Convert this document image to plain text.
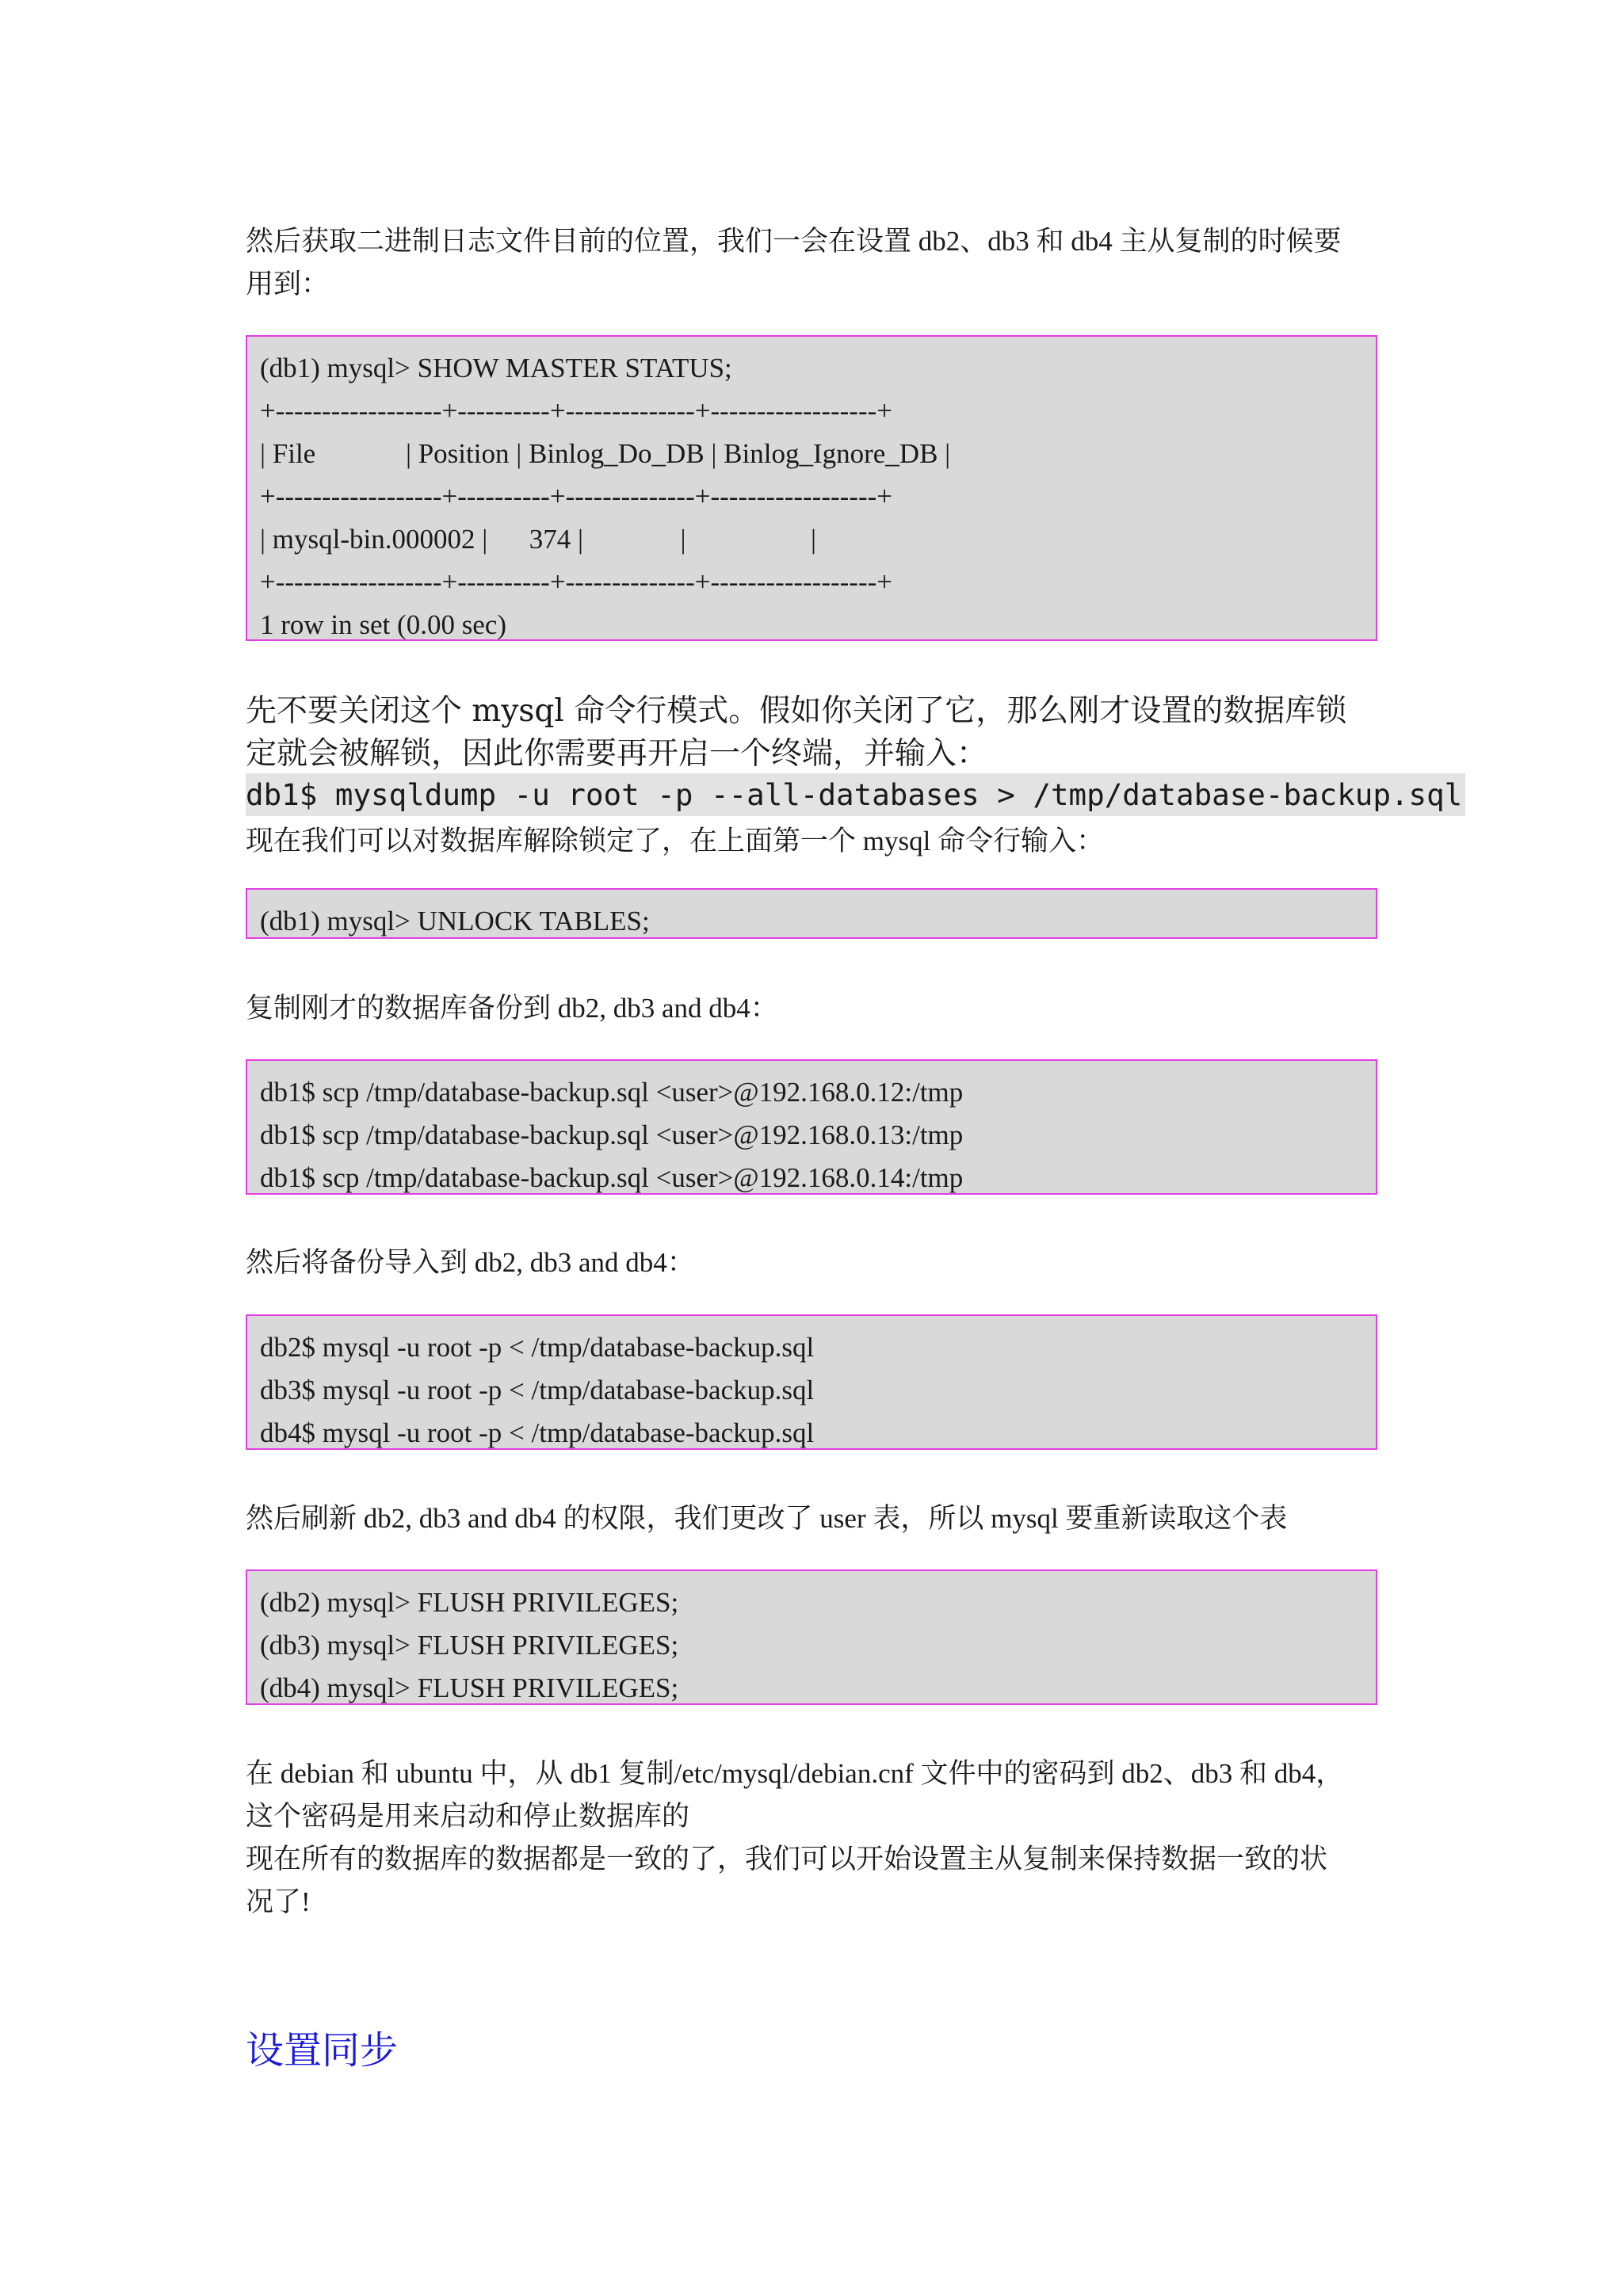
然后获取二进制日志文件目前的位置，我们一会在设置 db2、db3 和 db4 主从复制的时候要
用到：
(db1) mysql> SHOW MASTER STATUS;
+------------------+----------+--------------+------------------+
| File             | Position | Binlog_Do_DB | Binlog_Ignore_DB |
+------------------+----------+--------------+------------------+
| mysql-bin.000002 |      374 |              |                  |
+------------------+----------+--------------+------------------+
1 row in set (0.00 sec)
先不要关闭这个 mysql 命令行模式。假如你关闭了它，那么刚才设置的数据库锁
定就会被解锁，因此你需要再开启一个终端，并输入：
db1$ mysqldump -u root -p --all-databases > /tmp/database-backup.sql
现在我们可以对数据库解除锁定了，在上面第一个 mysql 命令行输入：
(db1) mysql> UNLOCK TABLES;
复制刚才的数据库备份到 db2, db3 and db4：
db1$ scp /tmp/database-backup.sql <user>@192.168.0.12:/tmp
db1$ scp /tmp/database-backup.sql <user>@192.168.0.13:/tmp
db1$ scp /tmp/database-backup.sql <user>@192.168.0.14:/tmp
然后将备份导入到 db2, db3 and db4：
db2$ mysql -u root -p < /tmp/database-backup.sql
db3$ mysql -u root -p < /tmp/database-backup.sql
db4$ mysql -u root -p < /tmp/database-backup.sql
然后刷新 db2, db3 and db4 的权限，我们更改了 user 表，所以 mysql 要重新读取这个表
(db2) mysql> FLUSH PRIVILEGES;
(db3) mysql> FLUSH PRIVILEGES;
(db4) mysql> FLUSH PRIVILEGES;
在 debian 和 ubuntu 中，从 db1 复制/etc/mysql/debian.cnf 文件中的密码到 db2、db3 和 db4，
这个密码是用来启动和停止数据库的
现在所有的数据库的数据都是一致的了，我们可以开始设置主从复制来保持数据一致的状
况了!
设置同步
